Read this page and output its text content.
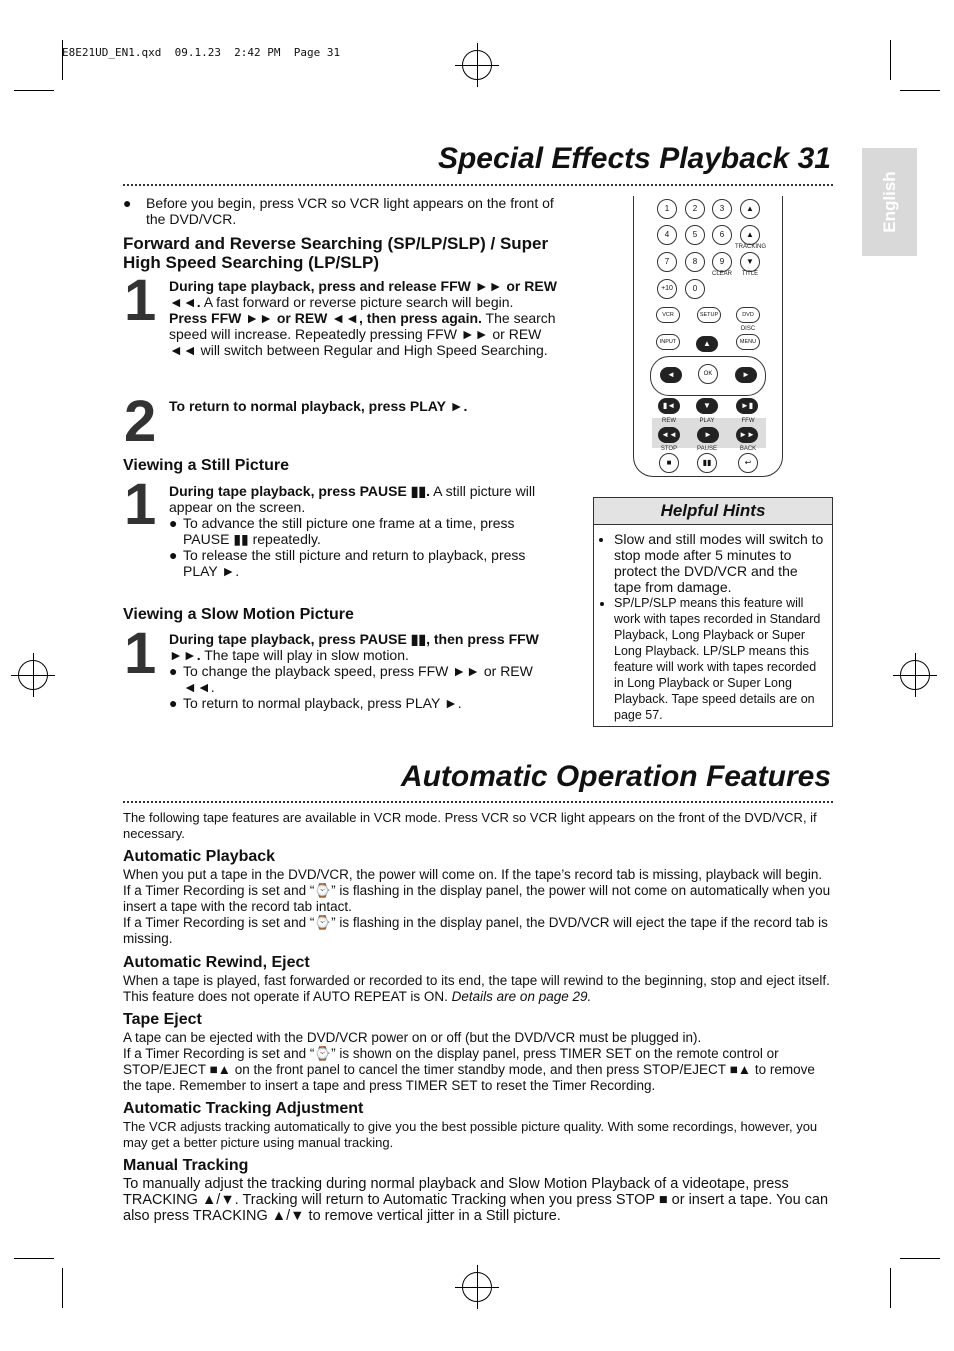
E8E21UD_EN1.qxd  09.1.23  2:42 PM  Page 31
English
Special Effects Playback 31
● Before you begin, press VCR so VCR light appears on the front of the DVD/VCR.

Forward and Reverse Searching (SP/LP/SLP) / Super High Speed Searching (LP/SLP)
1 During tape playback, press and release FFW ►► or REW ◄◄. A fast forward or reverse picture search will begin.

Press FFW ►► or REW ◄◄, then press again. The search speed will increase. Repeatedly pressing FFW ►► or REW ◄◄ will switch between Regular and High Speed Searching.

2 To return to normal playback, press PLAY ►.
Viewing a Still Picture
1 During tape playback, press PAUSE ▮▮. A still picture will appear on the screen.

● To advance the still picture one frame at a time, press PAUSE ▮▮ repeatedly.

● To release the still picture and return to playback, press PLAY ►.

Viewing a Slow Motion Picture
1 During tape playback, press PAUSE ▮▮, then press FFW ►►. The tape will play in slow motion.

● To change the playback speed, press FFW ►► or REW ◄◄.

● To return to normal playback, press PLAY ►.

1	2	3	▲
4	5	6	▲
TRACKING
7	8	9	▼
CLEAR	TITLE
+10	0
VCR	SETUP	DVD
DISC
INPUT	MENU
▲
◄	OK	►
▮◄	▼	►▮
REW	PLAY	FFW
◄◄	►	►►
STOP	PAUSE	BACK
■	▮▮	↩
Helpful Hints
• Slow and still modes will switch to stop mode after 5 minutes to protect the DVD/VCR and the tape from damage.
• SP/LP/SLP means this feature will work with tapes recorded in Standard Playback, Long Playback or Super Long Playback. LP/SLP means this feature will work with tapes recorded in Long Playback or Super Long Playback. Tape speed details are on page 57.
Automatic Operation Features
The following tape features are available in VCR mode. Press VCR so VCR light appears on the front of the DVD/VCR, if necessary.
Automatic Playback

When you put a tape in the DVD/VCR, the power will come on. If the tape’s record tab is missing, playback will begin.

If a Timer Recording is set and “⌚” is flashing in the display panel, the power will not come on automatically when you insert a tape with the record tab intact.

If a Timer Recording is set and “⌚” is flashing in the display panel, the DVD/VCR will eject the tape if the record tab is missing.

Automatic Rewind, Eject

When a tape is played, fast forwarded or recorded to its end, the tape will rewind to the beginning, stop and eject itself. This feature does not operate if AUTO REPEAT is ON. Details are on page 29.

Tape Eject

A tape can be ejected with the DVD/VCR power on or off (but the DVD/VCR must be plugged in).

If a Timer Recording is set and “⌚” is shown on the display panel, press TIMER SET on the remote control or STOP/EJECT ■▲ on the front panel to cancel the timer standby mode, and then press STOP/EJECT ■▲ to remove the tape. Remember to insert a tape and press TIMER SET to reset the Timer Recording.

Automatic Tracking Adjustment
The VCR adjusts tracking automatically to give you the best possible picture quality. With some recordings, however, you may get a better picture using manual tracking.
Manual Tracking
To manually adjust the tracking during normal playback and Slow Motion Playback of a videotape, press TRACKING ▲/▼. Tracking will return to Automatic Tracking when you press STOP ■ or insert a tape. You can also press TRACKING ▲/▼ to remove vertical jitter in a Still picture.
